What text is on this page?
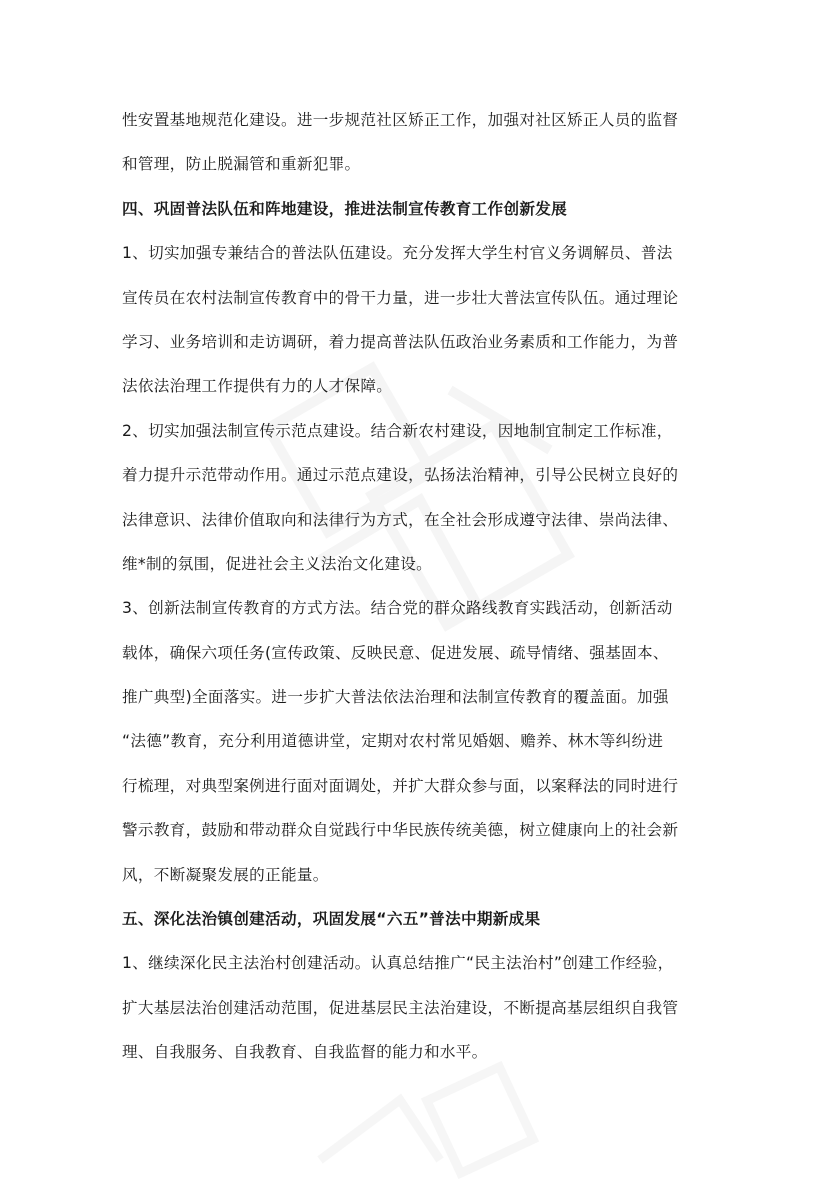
性安置基地规范化建设。进一步规范社区矫正工作，加强对社区矫正人员的监督
和管理，防止脱漏管和重新犯罪。
四、巩固普法队伍和阵地建设，推进法制宣传教育工作创新发展
1、切实加强专兼结合的普法队伍建设。充分发挥大学生村官义务调解员、普法
宣传员在农村法制宣传教育中的骨干力量，进一步壮大普法宣传队伍。通过理论
学习、业务培训和走访调研，着力提高普法队伍政治业务素质和工作能力，为普
法依法治理工作提供有力的人才保障。
2、切实加强法制宣传示范点建设。结合新农村建设，因地制宜制定工作标准，
着力提升示范带动作用。通过示范点建设，弘扬法治精神，引导公民树立良好的
法律意识、法律价值取向和法律行为方式，在全社会形成遵守法律、崇尚法律、
维*制的氛围，促进社会主义法治文化建设。
3、创新法制宣传教育的方式方法。结合党的群众路线教育实践活动，创新活动
载体，确保六项任务(宣传政策、反映民意、促进发展、疏导情绪、强基固本、
推广典型)全面落实。进一步扩大普法依法治理和法制宣传教育的覆盖面。加强
“法德”教育，充分利用道德讲堂，定期对农村常见婚姻、赡养、林木等纠纷进
行梳理，对典型案例进行面对面调处，并扩大群众参与面，以案释法的同时进行
警示教育，鼓励和带动群众自觉践行中华民族传统美德，树立健康向上的社会新
风，不断凝聚发展的正能量。
五、深化法治镇创建活动，巩固发展“六五”普法中期新成果
1、继续深化民主法治村创建活动。认真总结推广“民主法治村”创建工作经验，
扩大基层法治创建活动范围，促进基层民主法治建设，不断提高基层组织自我管
理、自我服务、自我教育、自我监督的能力和水平。
